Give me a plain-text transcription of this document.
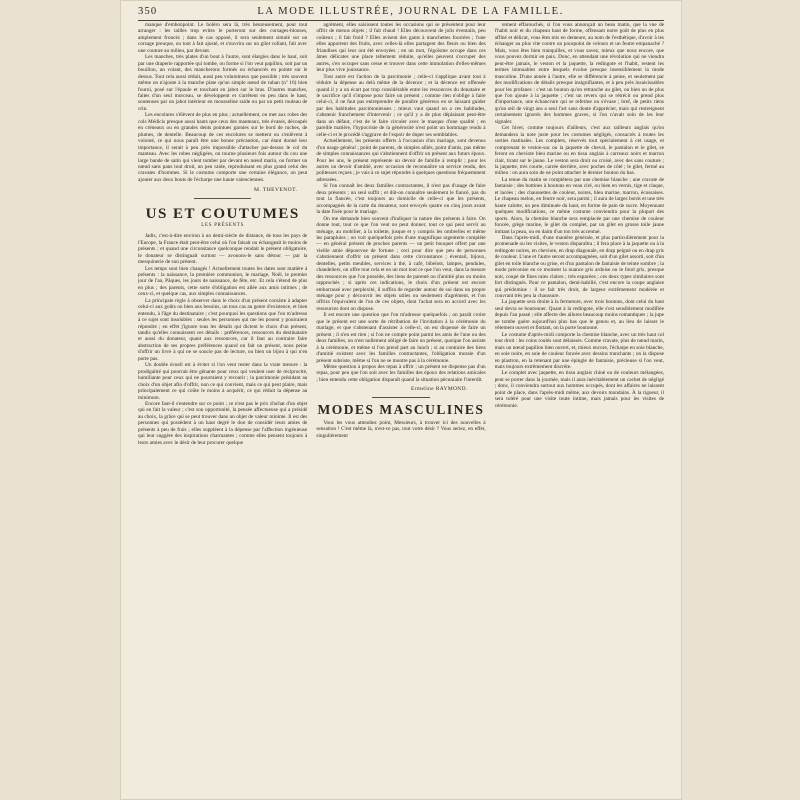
350	LA MODE ILLUSTRÉE, JOURNAL DE LA FAMILLE.

manque d'embonpoint. Le boléro sera là, très heureusement, pour tout arranger : les tailles trop evites le porteront sur des corsages-blouses, amplement froncés ; dans le cas opposé, il sera seulement simulé sur un corsage preuque, ou tout à fait ajusté, et s'ouvrira sur un gilet collant, fait avec une couture au milieu, par devant.

Les manches, très plates d'un bout à l'autre, sont élargies dans le haut, soit par une draperie rapportée qui tombe, ou forme si l'on veut papillon, soit par un bouillon, un volant, des mancherons formés ou échancrés en pointe sur le dessus. Tout cela aussi réduit, aussi peu volumineux que possible ; très souvent même on n'ajoute à la manche plate qu'un simple nœud de ruban (nº 16) bien fourni, posé sur l'épaule et touchant en jabot sur le bras. D'autres manches, faites d'un seul morceau, se développent et s'arrêtent en peu dans le haut, soutenues par un jabot intérieur en mousseline raide ou par un petit rouleau de crin.

Les encolures s'élèvent de plus en plus ; actuellement, on met aux robes des cols Médicis presque aussi hauts que ceux des manteaux, très évasés, découpés en créneaux ou en grandes dents pointues garnies sur le bord de ruches, de plumes, de dentelle. Beaucoup de ces encolures se mettent ou s'enlèvent à volonté, ce qui nous paraît être une bonne précaution, car étant donné leur importance, il serait à peu près impossible d'attacher par-dessus le col du manteau. Avec les robes négligées, on tourne plusieurs fois autour du cou une large bande de satin qui vient tomber par devant en nœud marin, ou former un nœud sans pans tout droit, un peu raide, reproduisant en plus grand celui des cravates d'hommes. Si le costume comporte une certaine élégance, on peut ajouter aux deux bouts de l'écharpe une haute valenciennes.

M. THEVENOT.
US ET COUTUMES
LES PRÉSENTS

Jadis, c'est-à-dire environ à un demi-siècle de distance, de tous les pays de l'Europe, la France était peut-être celui où l'on faisait ou échangeait le moins de présents ; et quand une circonstance quelconque rendait le présent obligatoire, le donateur se distinguait surtout — avouons-le sans détour — par la mesquinerie de son présent.

Les temps sont bien changés ! Actuellement toutes les dates sont matière à présents : la naissance, la première communion, le mariage, Noël, le premier jour de l'an, Pâques, les jours de naissance, de fête, etc. Et cela s'étend de plus en plus ; des parents, cette sorte d'obligation est allée aux amis intimes ; de ceux-ci, et quelque cas, aux simples connaissances.

La principale règle à observer dans le choix d'un présent consiste à adapter celui-ci aux goûts ou bien aux besoins, un tous cas au genre d'existence, et bien entendu, à l'âge du destinataire ; c'est pourquoi les questions que l'on m'adresse à ce sujet sont insolubles : seules les personnes qui me les posent y pourraient répondre ; en effet j'ignore tous les détails qui dictent le choix d'un présent, tandis qu'elles connaissent ces détails : préférences, ressources du destinataire et aussi du donateur, quant aux ressources, car il faut au contraire faire abstraction de ses propres préférences quand on fait un présent, nous peine d'offrir un livre à qui ne se soucie pas de lecture, ou bien un bijou à qui n'en porte pas.

Un double écueil est à éviter si l'on veut rester dans la vraie mesure : la prodigalité qui pourrait être gênante pour ceux qui veulent user de réciprocité, humiliante pour ceux qui ne pourraient y recourir ; la parcimonie présidant au choix d'un objet afin d'offrir, non ce qui convient, mais ce qui peut plaire, mais principalement ce qui coûte le moins à acquérir, ce qui réduit la dépense au minimum.

Encore faut-il s'entendre sur ce point ; ce n'est pas le prix d'achat d'un objet qui en fait la valeur ; c'est son opportunité, la pensée affectueuse qui a présidé au choix, la grâce qui se peut trouver dans un objet de valeur minime. Il est des personnes qui possèdent à un haut degré le don de considér leurs amies de présents à peu de frais ; elles suppléent à la dépense par l'affection ingénieuse qui leur suggère des inspirations charmantes ; comme elles pensent toujours à leurs amies avec le désir de leur procurer quelque

agrément, elles saisissent toutes les occasions qui se présentent pour leur offrir de menus objets ; il fait chaud ! Elles découvrent de jolis éventails, peu coûteux ; il fait froid ? Elles avisent des gants à manchettes fourrées ; l'une elles apportent des fruits, avec celles-là elles partagent des fleurs ou bien des friandises qui leur ont été envoyées ; en un mot, l'égoïsme occupe dans ces âmes délicates une place tellement réduite, qu'elles peuvent s'occuper des autres, s'en occuper sans cesse et trouver dans cette immolation d'elles-mêmes leur plus vive jouissance.

Tout autre est l'action de la parcimonie ; celle-ci s'applique avant tout à réduire la dépense au delà même de la décence ; et la décence est offensée quand il y a un écart par trop considérable entre les ressources du donataire et le sacrifice qu'il s'impose pour faire un présent ; comme rien n'oblige à faire celui-ci, il ne faut pas entreprendre de paraître généreux en se laissant guider par des habitudes parcimonieuses ; mieux vaut quand on a ces habitudes, s'abstenir franchement d'intervenir ; ce qu'il y a de plus déplaisant peut-être dans un défaut, c'est de le faire circuler avec le masque d'une qualité ; en pareille matière, l'hypocrisie de la générosité n'est point un hommage rendu à celle-ci et le procédé s'aggrave de l'espoir de duper ses semblables.

Actuellement, les présents offerts à l'occasion d'un mariage, sont devenus d'un usage général ; point de parents, de simples alliés, point d'amis, pas même de simples connaissances qui s'abstiennent d'offrir un présent aux futurs époux. Pour les uns, le présent représente un devoir de famille à remplir ; pour les autres un devoir d'amitié, avec occasion de reconnaître un service rendu, des politesses reçues ; je vais à ce sujet répondre à quelques questions fréquemment adressées.

Si l'on connaît les deux familles contractantes, il n'est pas d'usage de faire deux présents ; un seul suffit ; et dût-on connaître seulement le fiancé, pas du tout la fiancée, c'est toujours au domicile de celle-ci que les présents, accompagnés de la carte du donateur, sont envoyés quatre ou cinq jours avant la date fixée pour le mariage.

On me demande bien souvent d'indiquer la nature des présents à faire. On donne tout, tout ce que l'on veut ou peut donner, tout ce qui peut servir au ménage, au mobilier, à la toilette, jusque et y compris les ombrelles et même les parapluies ; on voit quelquefois près d'une magnifique argenterie complète — en général présent de proches parents — un petit bouquet offert par une vieille amie dépourvue de fortune ; ceci pour dire que peu de personnes s'abstiennent d'offrir un présent dans cette circonstance ; éventail, bijoux, dentelles, petits meubles, services à thé, à café, bibelots, lampes, pendules, chandeliers, on offre tout cela et en un mot tout ce que l'on veut, dans la mesure des ressources que l'on possède, des liens de parenté ou d'amitié plus ou moins rapprochés ; si après ces indications, le choix d'un présent est encore embarrassé avec perplexité, il suffira de regarder autour de soi dans un propre ménage pour y découvrir les objets utiles ou seulement d'agrément, et l'on offrira l'équivalent de l'un de ces objets, dont l'achat sera en accord avec les ressources dont on dispose.

Il est encore une question que l'on m'adresse quelquefois ; on paraît croire que le présent est une sorte de rétribution de l'invitation à la cérémonie du mariage, et que s'abstenant d'assister à celle-ci, on est dispensé de faire un présent ; il n'en est rien ; si l'on ne compte point parmi les amis de l'une ou des deux familles, on n'est nullement obligé de faire un présent, quoique l'on assiste à la cérémonie, et même si l'on prend part au lunch ; si au contraire des liens d'amitié existent avec les familles contractantes, l'obligation morale d'un présent subsiste, même si l'on ne se montre pas à la cérémonie.

Même question à propos des repas à offrir ; un présent ne dispense pas d'un repas, pour peu que l'on soit avec les familles des époux des relations amicales ; bien entendu cette obligation disparaît quand la situation pécuniaire l'interdit.

Ermeline RAYMOND.
MODES MASCULINES

Vous les vous attendiez point, Messieurs, à trouver ici des nouvelles à sensation ! C'est même là, n'est-ce pas, tout votre désir ? Vous seriez, en effet, singulièrement

rement effarouchés, si l'on vous annonçait un beau matin, que la vue de l'habit noir et du chapeau haut de forme, offensant notre goût de plus en plus affiné et délicat, vous êtes mis en demeure, au nom de l'esthétique, d'avoir à les échanger au plus vite contre un pourpoint de velours et un feutre empanaché ? Mais, vous êtes bien tranquilles, et vous savez, mieux que nous encore, que vous pouvez dormir en paix. Donc, en attendant une révolution qui ne viendra peut-être jamais, le veston et la jaquette, la redingote et l'habit, restent les termes immuables entre lesquels évolue presque insensiblement la mode masculine. D'une année à l'autre, elle se différencie à peine, et seulement par des modifications de détails presque insignifiantes, et à peu près insaisissables pour les profanes : c'est un bouton qu'on retranche au gilet, ou bien un de plus que l'on ajoute à la jaquette ; c'est un revers qui se rétrécit ou prend plus d'importance, une échancrure qui se referme ou s'évase ; bref, de petits riens qu'un œil de vingt ans a seul l'art sans doute d'apprécier, mais qui restreignent certainement ignorés des hommes graves, si l'on n'avait soin de les leur signaler.

Cet hiver, comme toujours d'ailleurs, c'est aux tailleurs anglais qu'on demandera la note juste pour les costumes négligés, consacrés à toutes les sorties matinales. Les complets, réservés tout spécialement à cet usage, et comprenant le veston-sac ou la jaquette de cheval, le pantalon et le gilet, se feront en cheviote bleu marine ou en tissu anglais à carreaux noirs et marron clair, tirant sur le jaune. Le veston sera droit ou croisé, avec des sans couture ; la jaquette, très courte, carrée derrière, avec poches de côté ; le gilet, fermé au milieu : on aura soin de ne point attacher le dernier bouton du bas.

La tenue du matin se complétera par une chemise blanche ; une cravate de fantaisie ; des bottines à boutons en veau ciré, ou bien en vernis, tige et claque, et lacées ; des chaussettes de couleur, noires, bleu marine, marron, écossaises. Le chapeau melon, en feutre noir, sera parmi ; il aura de larges bords et une très haute calotte, un peu diminuée du haut, en forme de pain de sucre. Moyennant quelques modifications, ce même costume conviendra pour la plupart des sports. Alors, la chemise blanche sera remplacée par une chemise de couleur foncée, grège marine, le gilet du complet, par un gilet en grosse toile jaune imitant la peau, ou en daim d'un ton très accentué.

Dans l'après-midi, d'une manière générale, et plus particulièrement pour la promenade ou les visites, le veston disparaîtra ; il fera place à la jaquette ou à la redingote noires, en cheviote, en drap diagonale, en drap peigné ou en drap gris de couleur. L'une et l'autre seront accompagnées, soit d'un gilet assorti, soit d'un gilet en toile blanche ou grise, et d'un pantalon de fantaisie de teinte sombre ; la mode préconise en ce moment la nuance gris ardoise ou le fond gris, presque noir, coupé de fines raies claires ; très espacées ; ces deux types similaires sont fort distingués. Pour ce pantalon, demi-habillé, c'est encore la coupe anglaise qui prédomine : il se fait très droit, de largeur extrêmement modérée et couvrant très peu la chaussure.

La jaquette sera droite à la fermeture, avec trois boutons, dont celui du haut seul devra se boutonner. Quant à la redingote, elle s'est sensiblement modifiée depuis l'an passé ; elle affecte des allures beaucoup moins romantiques ; la jupe ne tombe guère aujourd'hui plus bas que le genou et, au lieu de laisser le vêtement ouvert et flottant, on la porte boutonné.

Le costume d'après-midi comporte la chemise blanche, avec un très haut col tout droit : les coins roulés sont délaissés. Comme cravate, plus de nœud marin, mais un nœud papillon bien ouvert, et, mieux encore, l'écharpe en soie blanche, en soie noire, en soie de couleur foncée avec dessins tranchants ; on la dispose en plastron, en la retenant par une épingle de fantaisie, précieuse si l'on veut, mais toujours extrêmement discrète.

Le complet avec jaquette, en tissu anglais chiné ou de couleurs mélangées, peut se porter dans la journée, mais il aura inévitablement un cachet de négligé ; donc, il conviendra surtout aux hommes occupés, dont les affaires ne laissent point de place, dans l'après-midi même, aux devoirs mondains. À la rigueur, il sera toléré pour une visite toute intime, mais jamais pour les visites de cérémonie.
